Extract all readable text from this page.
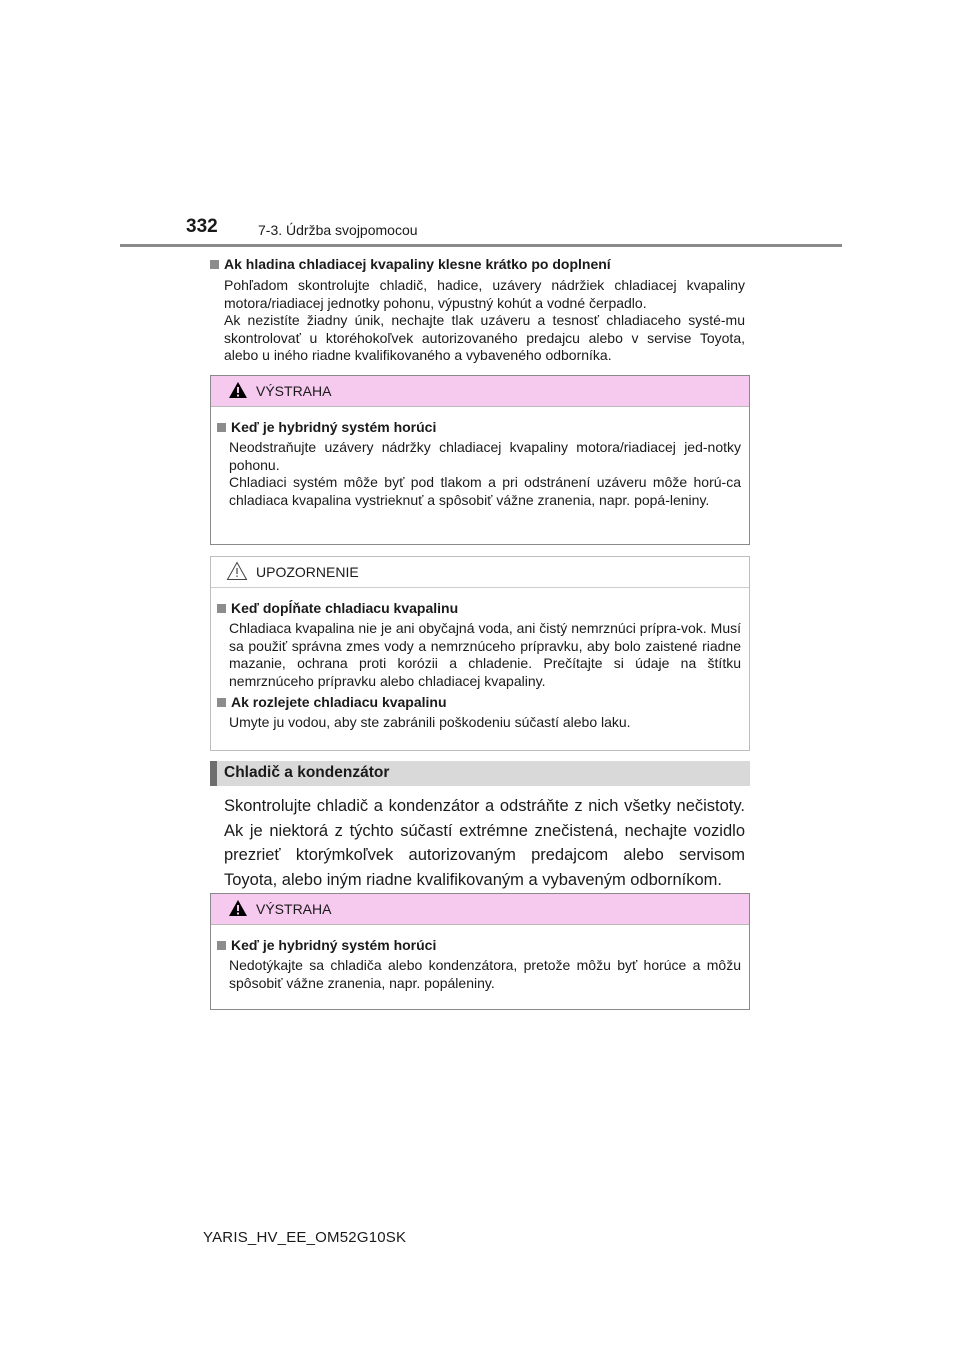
332	7-3. Údržba svojpomocou
Ak hladina chladiacej kvapaliny klesne krátko po doplnení
Pohľadom skontrolujte chladič, hadice, uzávery nádržiek chladiacej kvapaliny motora/riadiacej jednotky pohonu, výpustný kohút a vodné čerpadlo.
Ak nezistíte žiadny únik, nechajte tlak uzáveru a tesnosť chladiaceho systé-mu skontrolovať u ktoréhokoľvek autorizovaného predajcu alebo v servise Toyota, alebo u iného riadne kvalifikovaného a vybaveného odborníka.
VÝSTRAHA
Keď je hybridný systém horúci
Neodstraňujte uzávery nádržky chladiacej kvapaliny motora/riadiacej jed-notky pohonu.
Chladiaci systém môže byť pod tlakom a pri odstránení uzáveru môže horú-ca chladiaca kvapalina vystrieknuť a spôsobiť vážne zranenia, napr. popá-leniny.
UPOZORNENIE
Keď dopĺňate chladiacu kvapalinu
Chladiaca kvapalina nie je ani obyčajná voda, ani čistý nemrznúci prípra-vok. Musí sa použiť správna zmes vody a nemrznúceho prípravku, aby bolo zaistené riadne mazanie, ochrana proti korózii a chladenie. Prečítajte si údaje na štítku nemrznúceho prípravku alebo chladiacej kvapaliny.
Ak rozlejete chladiacu kvapalinu
Umyte ju vodou, aby ste zabránili poškodeniu súčastí alebo laku.
Chladič a kondenzátor
Skontrolujte chladič a kondenzátor a odstráňte z nich všetky nečistoty. Ak je niektorá z týchto súčastí extrémne znečistená, nechajte vozidlo prezrieť ktorýmkoľvek autorizovaným predajcom alebo servisom Toyota, alebo iným riadne kvalifikovaným a vybaveným odborníkom.
VÝSTRAHA
Keď je hybridný systém horúci
Nedotýkajte sa chladiča alebo kondenzátora, pretože môžu byť horúce a môžu spôsobiť vážne zranenia, napr. popáleniny.
YARIS_HV_EE_OM52G10SK
